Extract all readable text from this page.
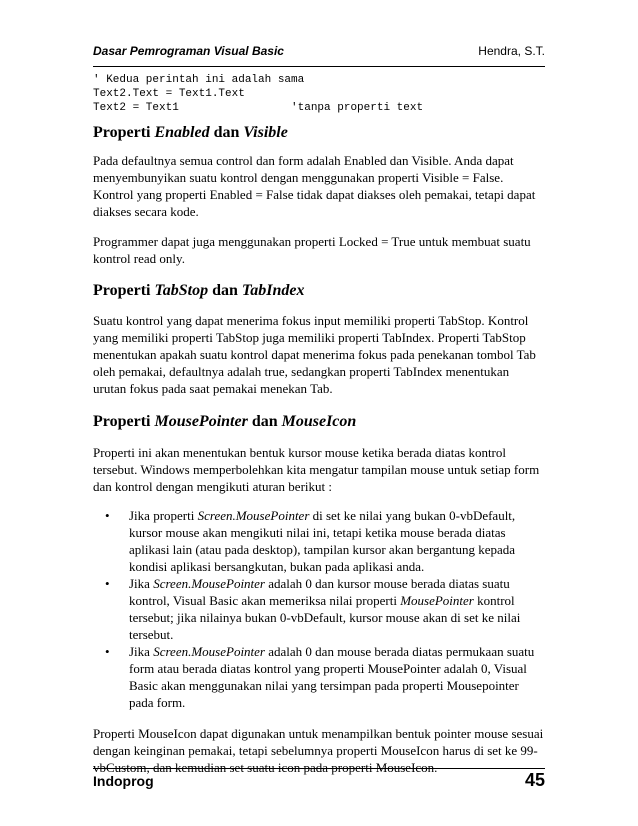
Dasar Pemrograman Visual Basic	Hendra, S.T.
' Kedua perintah ini adalah sama
Text2.Text = Text1.Text
Text2 = Text1                 'tanpa properti text
Properti Enabled dan Visible

Pada defaultnya semua control dan form adalah Enabled dan Visible. Anda dapat menyembunyikan suatu kontrol dengan menggunakan properti Visible = False. Kontrol yang properti Enabled = False tidak dapat diakses oleh pemakai, tetapi dapat diakses secara kode.

Programmer dapat juga menggunakan properti Locked = True untuk membuat suatu kontrol read only.

Properti TabStop dan TabIndex

Suatu kontrol yang dapat menerima fokus input memiliki properti TabStop. Kontrol yang memiliki properti TabStop juga memiliki properti TabIndex. Properti TabStop menentukan apakah suatu kontrol dapat menerima fokus pada penekanan tombol Tab oleh pemakai, defaultnya adalah true, sedangkan properti TabIndex menentukan urutan fokus pada saat pemakai menekan Tab.

Properti MousePointer dan MouseIcon

Properti ini akan menentukan bentuk kursor mouse ketika berada diatas kontrol tersebut. Windows memperbolehkan kita mengatur tampilan mouse untuk setiap form dan kontrol dengan mengikuti aturan berikut :

• Jika properti Screen.MousePointer di set ke nilai yang bukan 0-vbDefault, kursor mouse akan mengikuti nilai ini, tetapi ketika mouse berada diatas aplikasi lain (atau pada desktop), tampilan kursor akan bergantung kepada kondisi aplikasi bersangkutan, bukan pada aplikasi anda.
• Jika Screen.MousePointer adalah 0 dan kursor mouse berada diatas suatu kontrol, Visual Basic akan memeriksa nilai properti MousePointer kontrol tersebut; jika nilainya bukan 0-vbDefault, kursor mouse akan di set ke nilai tersebut.
• Jika Screen.MousePointer adalah 0 dan mouse berada diatas permukaan suatu form atau berada diatas kontrol yang properti MousePointer adalah 0, Visual Basic akan menggunakan nilai yang tersimpan pada properti Mousepointer pada form.

Properti MouseIcon dapat digunakan untuk menampilkan bentuk pointer mouse sesuai dengan keinginan pemakai, tetapi sebelumnya properti MouseIcon harus di set ke 99-vbCustom, dan kemudian set suatu icon pada properti MouseIcon.

Indoprog	45
